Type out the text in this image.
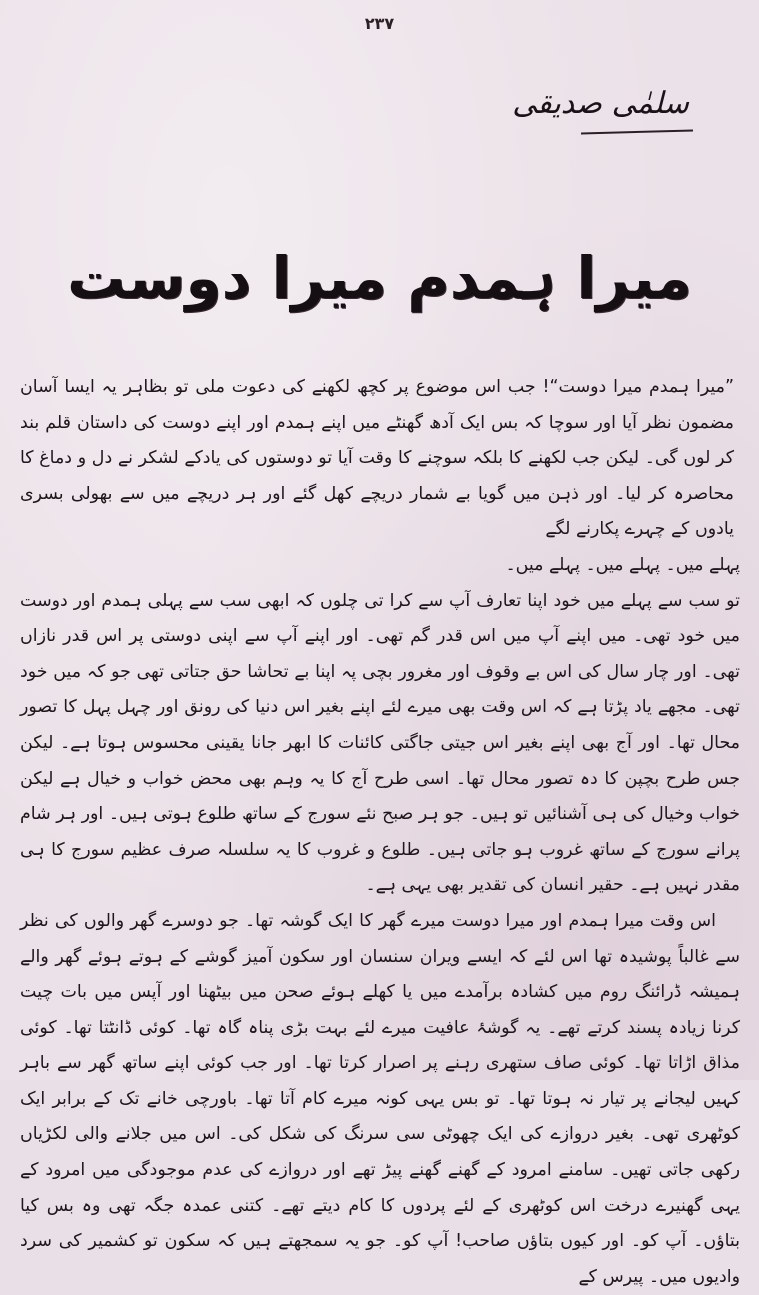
۲۳۷
سلمٰی صدیقی
میرا ہمدم میرا دوست

”میرا ہمدم میرا دوست“! جب اس موضوع پر کچھ لکھنے کی دعوت ملی تو بظاہر یہ ایسا آسان مضمون نظر آیا اور سوچا کہ بس ایک آدھ گھنٹے میں اپنے ہمدم اور اپنے دوست کی داستان قلم بند کر لوں گی۔ لیکن جب لکھنے کا بلکہ سوچنے کا وقت آیا تو دوستوں کی یادکے لشکر نے دل و دماغ کا محاصرہ کر لیا۔ اور ذہن میں گویا بے شمار دریچے کھل گئے اور ہر دریچے میں سے بھولی بسری یادوں کے چہرے پکارنے لگے

پہلے میں۔ پہلے میں۔ پہلے میں۔

تو سب سے پہلے میں خود اپنا تعارف آپ سے کرا تی چلوں کہ ابھی سب سے پہلی ہمدم اور دوست میں خود تھی۔ میں اپنے آپ میں اس قدر گم تھی۔ اور اپنے آپ سے اپنی دوستی پر اس قدر نازاں تھی۔ اور چار سال کی اس بے وقوف اور مغرور بچی پہ اپنا بے تحاشا حق جتاتی تھی جو کہ میں خود تھی۔ مجھے یاد پڑتا ہے کہ اس وقت بھی میرے لئے اپنے بغیر اس دنیا کی رونق اور چہل پہل کا تصور محال تھا۔ اور آج بھی اپنے بغیر اس جیتی جاگتی کائنات کا ابھر جانا یقینی محسوس ہوتا ہے۔ لیکن جس طرح بچپن کا دہ تصور محال تھا۔ اسی طرح آج کا یہ وہم بھی محض خواب و خیال ہے لیکن خواب وخیال کی ہی آشنائیں تو ہیں۔ جو ہر صبح نئے سورج کے ساتھ طلوع ہوتی ہیں۔ اور ہر شام پرانے سورج کے ساتھ غروب ہو جاتی ہیں۔ طلوع و غروب کا یہ سلسلہ صرف عظیم سورج کا ہی مقدر نہیں ہے۔ حقیر انسان کی تقدیر بھی یہی ہے۔

اس وقت میرا ہمدم اور میرا دوست میرے گھر کا ایک گوشہ تھا۔ جو دوسرے گھر والوں کی نظر سے غالباً پوشیدہ تھا اس لئے کہ ایسے ویران سنسان اور سکون آمیز گوشے کے ہوتے ہوئے گھر والے ہمیشہ ڈرائنگ روم میں کشادہ برآمدے میں یا کھلے ہوئے صحن میں بیٹھنا اور آپس میں بات چیت کرنا زیادہ پسند کرتے تھے۔ یہ گوشۂ عافیت میرے لئے بہت بڑی پناہ گاہ تھا۔ کوئی ڈانٹتا تھا۔ کوئی مذاق اڑاتا تھا۔ کوئی صاف ستھری رہنے پر اصرار کرتا تھا۔ اور جب کوئی اپنے ساتھ گھر سے باہر کہیں لیجانے پر تیار نہ ہوتا تھا۔ تو بس یہی کونہ میرے کام آتا تھا۔ باورچی خانے تک کے برابر ایک کوٹھری تھی۔ بغیر دروازے کی ایک چھوٹی سی سرنگ کی شکل کی۔ اس میں جلانے والی لکڑیاں رکھی جاتی تھیں۔ سامنے امرود کے گھنے گھنے پیڑ تھے اور دروازے کی عدم موجودگی میں امرود کے یہی گھنیرے درخت اس کوٹھری کے لئے پردوں کا کام دیتے تھے۔ کتنی عمدہ جگہ تھی وہ بس کیا بتاؤں۔ آپ کو۔ اور کیوں بتاؤں صاحب! آپ کو۔ جو یہ سمجھتے ہیں کہ سکون تو کشمیر کی سرد وادیوں میں۔ پیرس کے
